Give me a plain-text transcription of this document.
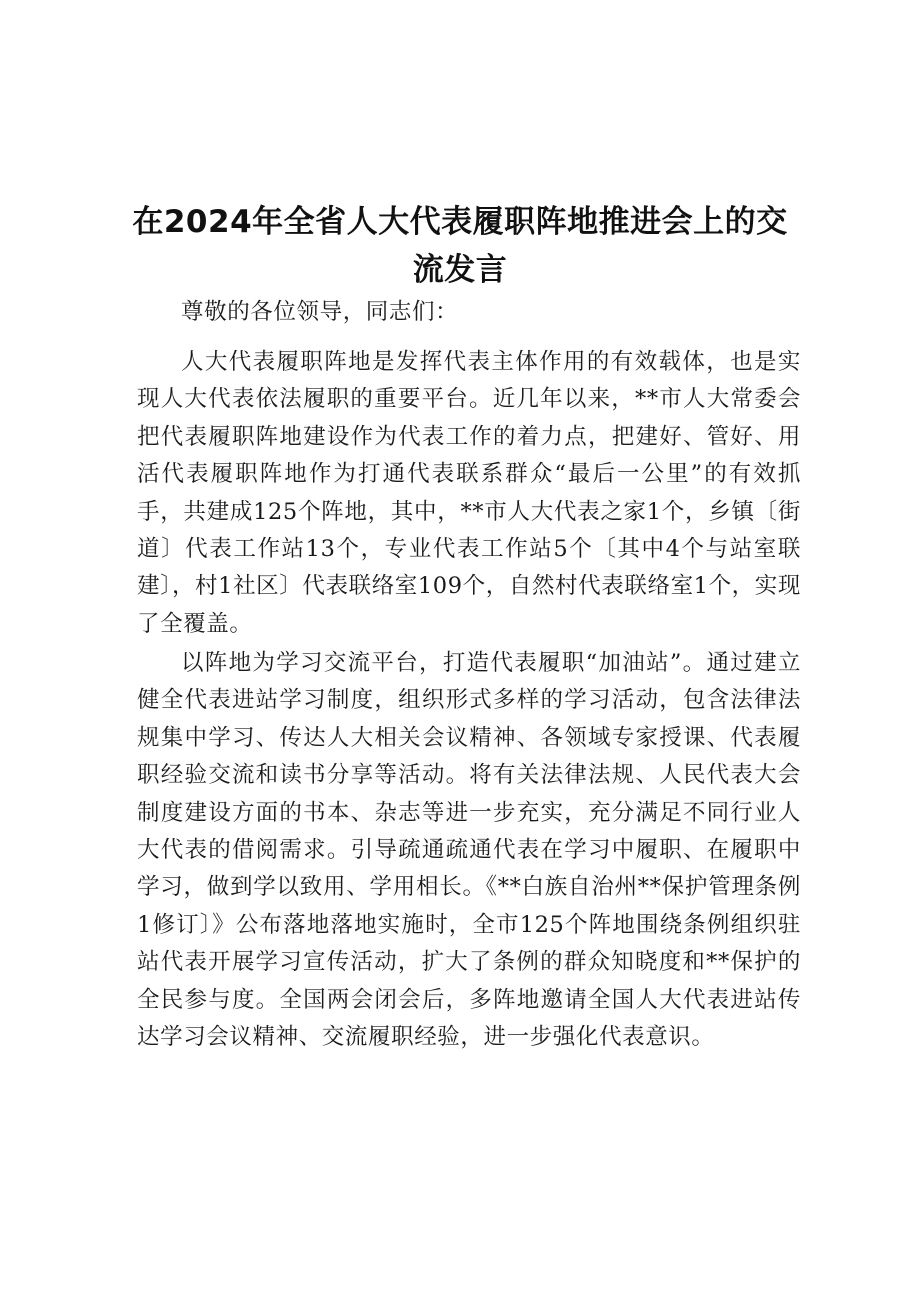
在2024年全省人大代表履职阵地推进会上的交流发言

尊敬的各位领导，同志们：

人大代表履职阵地是发挥代表主体作用的有效载体，也是实现人大代表依法履职的重要平台。近几年以来，**市人大常委会把代表履职阵地建设作为代表工作的着力点，把建好、管好、用活代表履职阵地作为打通代表联系群众“最后一公里”的有效抓手，共建成125个阵地，其中，**市人大代表之家1个，乡镇〔街道〕代表工作站13个，专业代表工作站5个〔其中4个与站室联建〕，村1社区〕代表联络室109个，自然村代表联络室1个，实现了全覆盖。

以阵地为学习交流平台，打造代表履职“加油站”。通过建立健全代表进站学习制度，组织形式多样的学习活动，包含法律法规集中学习、传达人大相关会议精神、各领域专家授课、代表履职经验交流和读书分享等活动。将有关法律法规、人民代表大会制度建设方面的书本、杂志等进一步充实，充分满足不同行业人大代表的借阅需求。引导疏通疏通代表在学习中履职、在履职中学习，做到学以致用、学用相长。《**白族自治州**保护管理条例1修订〕》公布落地落地实施时，全市125个阵地围绕条例组织驻站代表开展学习宣传活动，扩大了条例的群众知晓度和**保护的全民参与度。全国两会闭会后，多阵地邀请全国人大代表进站传达学习会议精神、交流履职经验，进一步强化代表意识。
